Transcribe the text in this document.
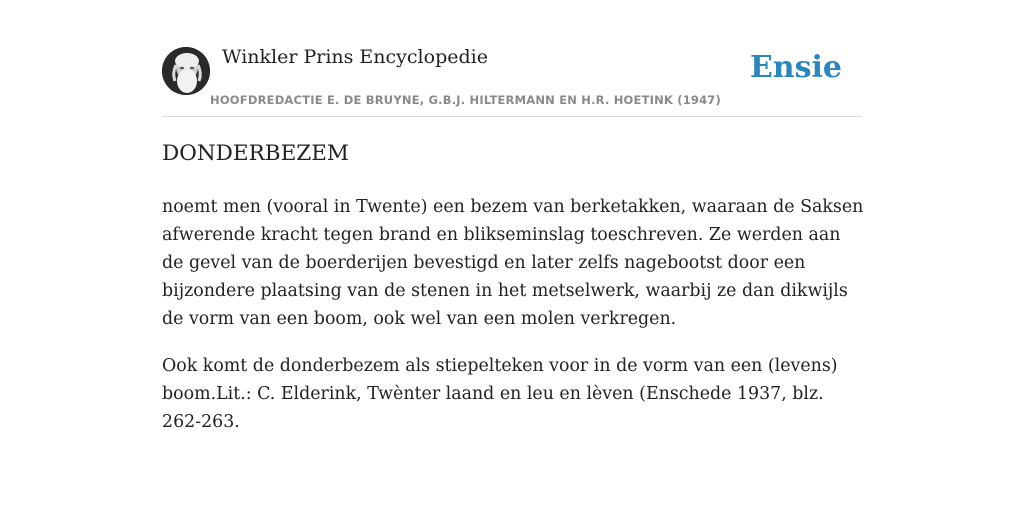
Winkler Prins Encyclopedie
HOOFDREDACTIE E. DE BRUYNE, G.B.J. HILTERMANN EN H.R. HOETINK (1947)
Ensie
DONDERBEZEM

noemt men (vooral in Twente) een bezem van berketakken, waaraan de Saksen afwerende kracht tegen brand en blikseminslag toeschreven. Ze werden aan de gevel van de boerderijen bevestigd en later zelfs nagebootst door een bijzondere plaatsing van de stenen in het metselwerk, waarbij ze dan dikwijls de vorm van een boom, ook wel van een molen verkregen.

Ook komt de donderbezem als stiepelteken voor in de vorm van een (levens) boom.Lit.: C. Elderink, Twènter laand en leu en lèven (Enschede 1937, blz. 262-263.
